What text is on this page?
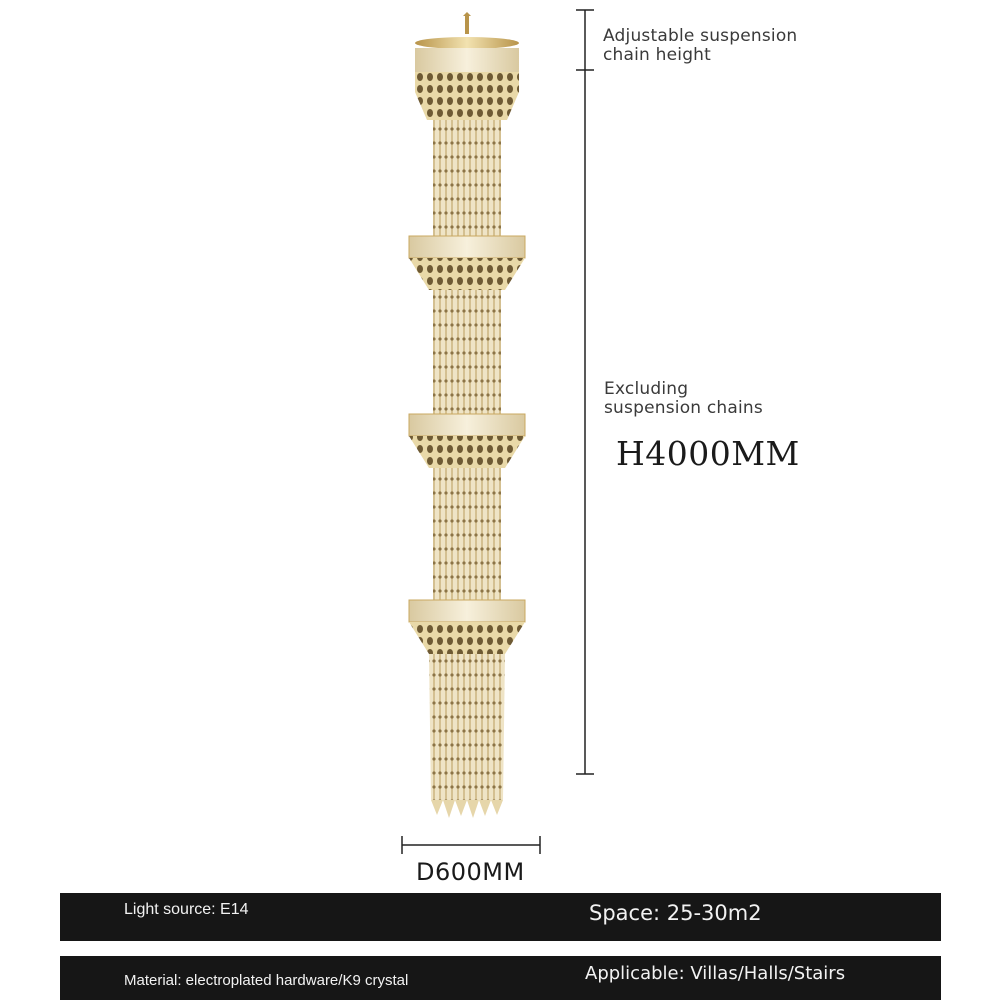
Adjustable suspension
chain height
Excluding
suspension chains
H4000MM
D600MM
Light source: E14	Space: 25-30m2
Material: electroplated hardware/K9 crystal	Applicable: Villas/Halls/Stairs
